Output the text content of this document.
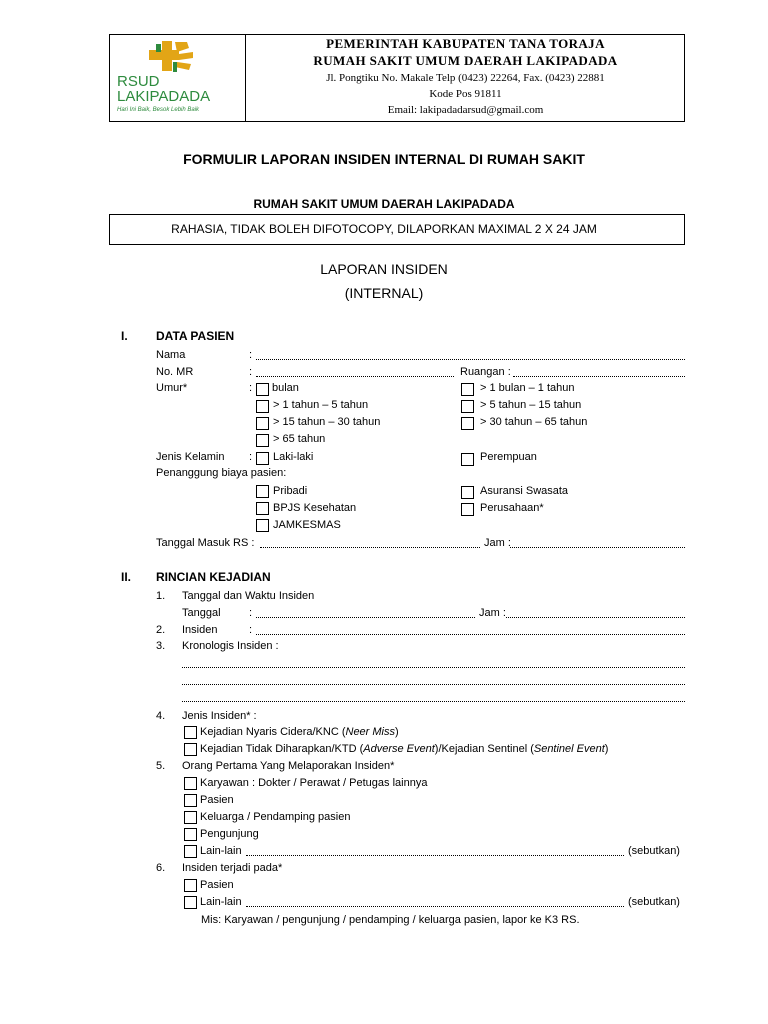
RSUD
LAKIPADADA
Hari Ini Baik, Besok Lebih Baik
PEMERINTAH KABUPATEN TANA TORAJA
RUMAH SAKIT UMUM DAERAH LAKIPADADA
Jl. Pongtiku No. Makale Telp (0423) 22264, Fax. (0423) 22881
Kode Pos 91811
Email: lakipadadarsud@gmail.com
FORMULIR LAPORAN INSIDEN INTERNAL DI RUMAH SAKIT
RUMAH SAKIT UMUM DAERAH LAKIPADADA
RAHASIA, TIDAK BOLEH DIFOTOCOPY, DILAPORKAN MAXIMAL 2 X 24 JAM
LAPORAN INSIDEN
(INTERNAL)
I. DATA PASIEN
Nama	:
No. MR	:	Ruangan :
Umur*	: bulan	> 1 bulan – 1 tahun
> 1 tahun – 5 tahun	> 5 tahun – 15 tahun
> 15 tahun – 30 tahun	> 30 tahun – 65 tahun
> 65 tahun
Jenis Kelamin : Laki-laki	Perempuan
Penanggung biaya pasien:
Pribadi	Asuransi Swasata
BPJS Kesehatan	Perusahaan*
JAMKESMAS
Tanggal Masuk RS :	Jam :
II. RINCIAN KEJADIAN
1. Tanggal dan Waktu Insiden
Tanggal	:	Jam :
2. Insiden	:
3. Kronologis Insiden :
4. Jenis Insiden* :
Kejadian Nyaris Cidera/KNC (Neer Miss)
Kejadian Tidak Diharapkan/KTD (Adverse Event)/Kejadian Sentinel (Sentinel Event)
5. Orang Pertama Yang Melaporakan Insiden*
Karyawan : Dokter / Perawat / Petugas lainnya
Pasien
Keluarga / Pendamping pasien
Pengunjung
Lain-lain	(sebutkan)
6. Insiden terjadi pada*
Pasien
Lain-lain	(sebutkan)
Mis: Karyawan / pengunjung / pendamping / keluarga pasien, lapor ke K3 RS.
